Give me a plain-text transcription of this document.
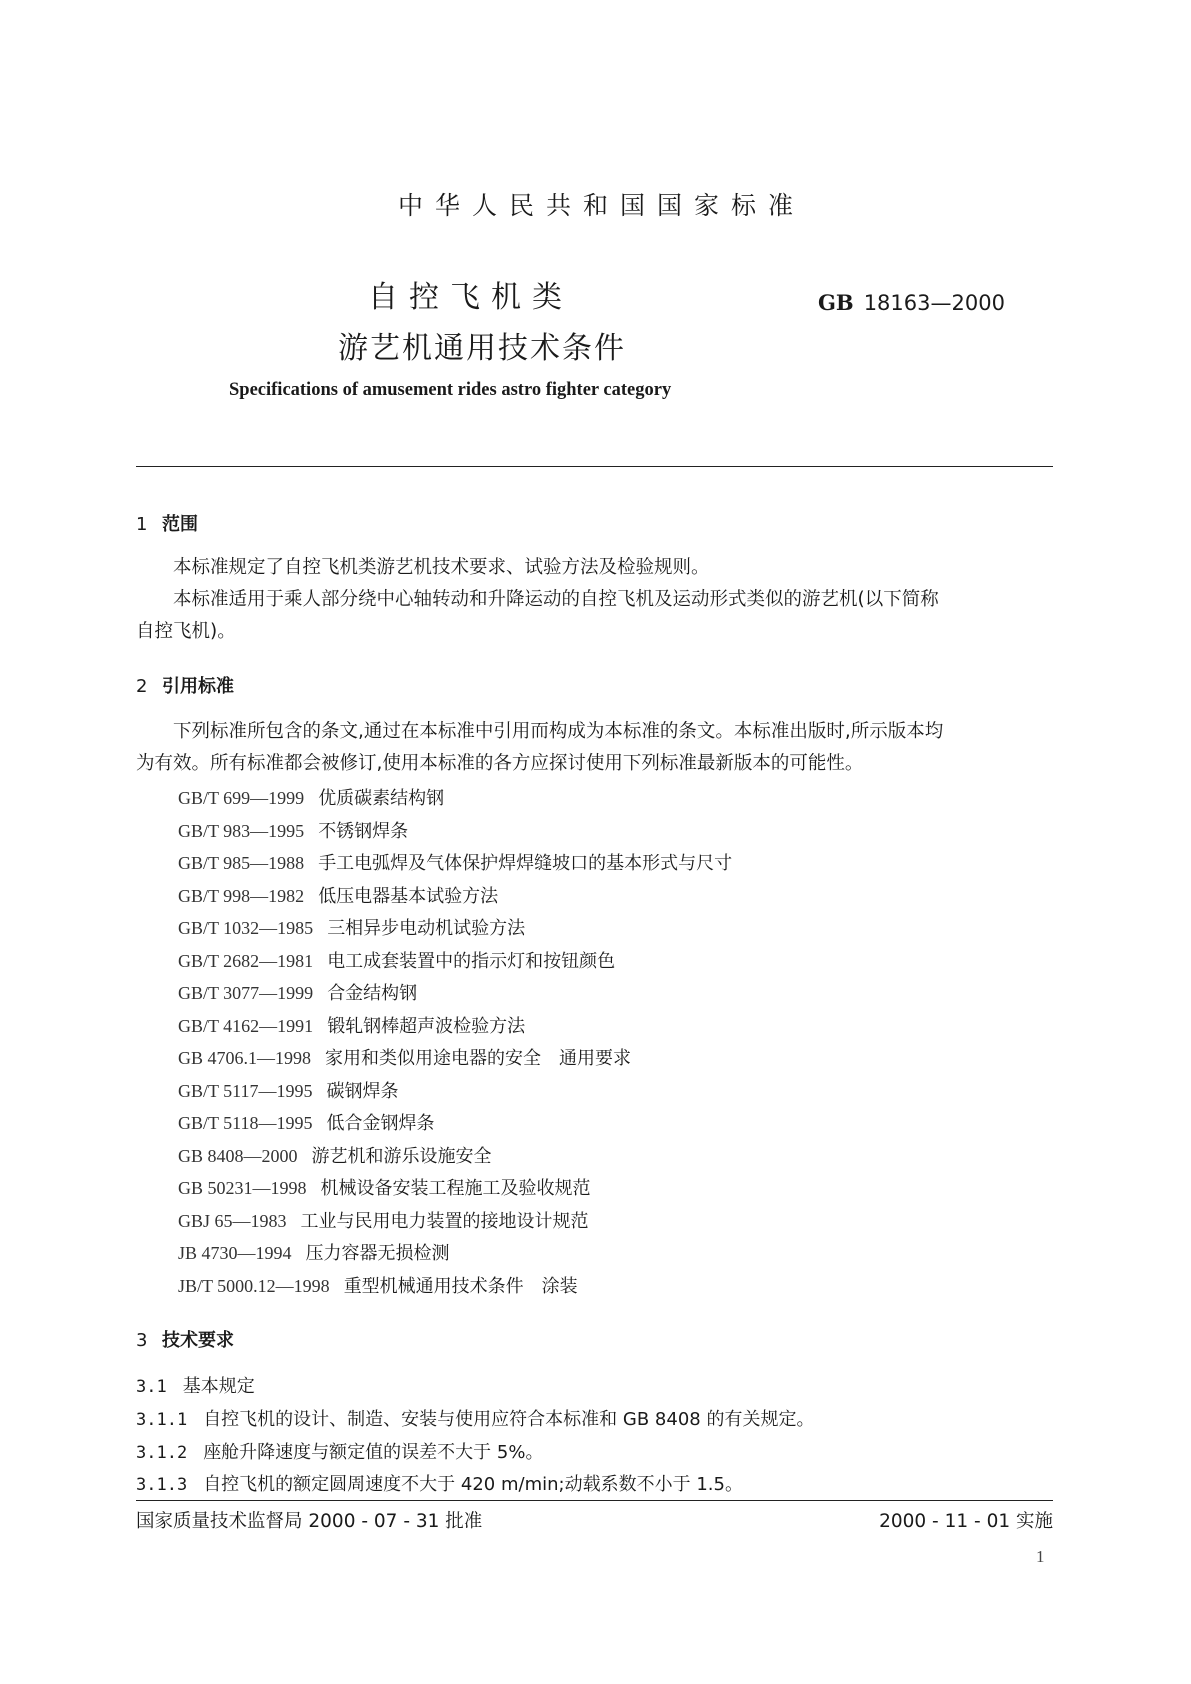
中华人民共和国国家标准
自控飞机类
游艺机通用技术条件
GB 18163—2000
Specifications of amusement rides astro fighter category
1 范围

本标准规定了自控飞机类游艺机技术要求、试验方法及检验规则。

本标准适用于乘人部分绕中心轴转动和升降运动的自控飞机及运动形式类似的游艺机(以下简称

自控飞机)。

2 引用标准

下列标准所包含的条文,通过在本标准中引用而构成为本标准的条文。本标准出版时,所示版本均

为有效。所有标准都会被修订,使用本标准的各方应探讨使用下列标准最新版本的可能性。

GB/T 699—1999 优质碳素结构钢
GB/T 983—1995 不锈钢焊条
GB/T 985—1988 手工电弧焊及气体保护焊焊缝坡口的基本形式与尺寸
GB/T 998—1982 低压电器基本试验方法
GB/T 1032—1985 三相异步电动机试验方法
GB/T 2682—1981 电工成套装置中的指示灯和按钮颜色
GB/T 3077—1999 合金结构钢
GB/T 4162—1991 锻轧钢棒超声波检验方法
GB 4706.1—1998 家用和类似用途电器的安全　通用要求
GB/T 5117—1995 碳钢焊条
GB/T 5118—1995 低合金钢焊条
GB 8408—2000 游艺机和游乐设施安全
GB 50231—1998 机械设备安装工程施工及验收规范
GBJ 65—1983 工业与民用电力装置的接地设计规范
JB 4730—1994 压力容器无损检测
JB/T 5000.12—1998 重型机械通用技术条件　涂装
3 技术要求
3.1 基本规定
3.1.1 自控飞机的设计、制造、安装与使用应符合本标准和 GB 8408 的有关规定。
3.1.2 座舱升降速度与额定值的误差不大于 5%。
3.1.3 自控飞机的额定圆周速度不大于 420 m/min;动载系数不小于 1.5。
国家质量技术监督局 2000 - 07 - 31 批准	2000 - 11 - 01 实施
1
